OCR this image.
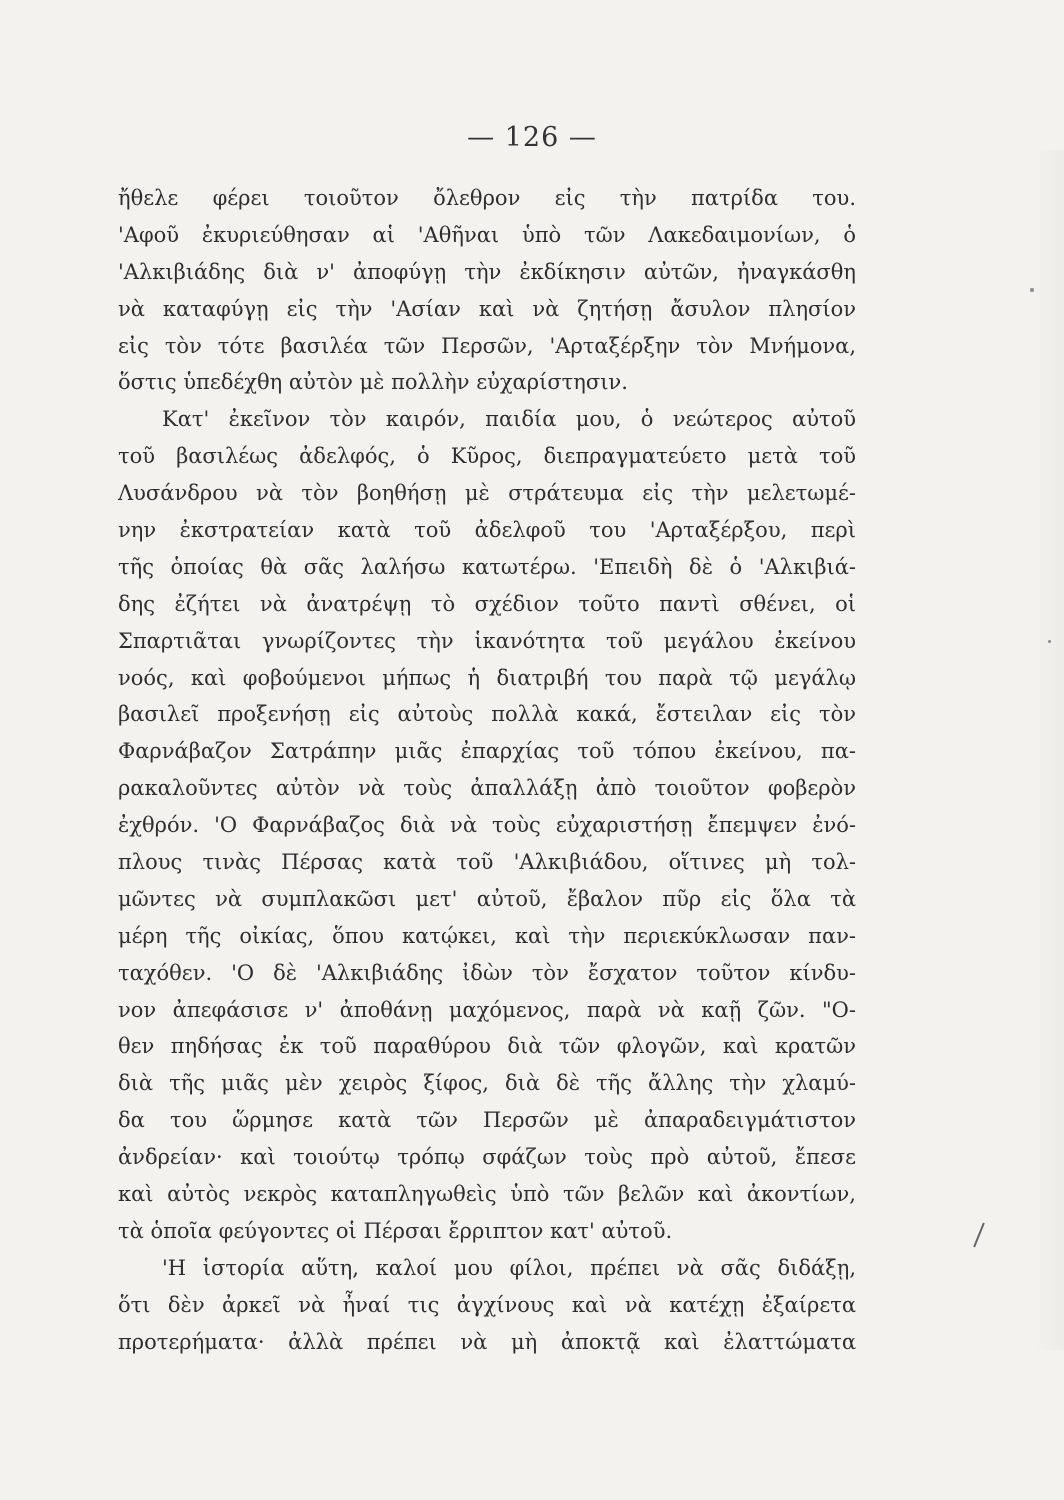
— 126 —
ἤθελε φέρει τοιοῦτον ὄλεθρον εἰς τὴν πατρίδα του.
'Αφοῦ ἐκυριεύθησαν αἱ 'Αθῆναι ὑπὸ τῶν Λακεδαιμονίων, ὁ
'Αλκιβιάδης διὰ ν' ἀποφύγῃ τὴν ἐκδίκησιν αὐτῶν, ἠναγκάσθη
νὰ καταφύγῃ εἰς τὴν 'Ασίαν καὶ νὰ ζητήσῃ ἄσυλον πλησίον
εἰς τὸν τότε βασιλέα τῶν Περσῶν, 'Αρταξέρξην τὸν Μνήμονα,
ὅστις ὑπεδέχθη αὐτὸν μὲ πολλὴν εὐχαρίστησιν.
Κατ' ἐκεῖνον τὸν καιρόν, παιδία μου, ὁ νεώτερος αὐτοῦ
τοῦ βασιλέως ἀδελφός, ὁ Κῦρος, διεπραγματεύετο μετὰ τοῦ
Λυσάνδρου νὰ τὸν βοηθήσῃ μὲ στράτευμα εἰς τὴν μελετωμέ-
νην ἐκστρατείαν κατὰ τοῦ ἀδελφοῦ του 'Αρταξέρξου, περὶ
τῆς ὁποίας θὰ σᾶς λαλήσω κατωτέρω. 'Επειδὴ δὲ ὁ 'Αλκιβιά-
δης ἐζήτει νὰ ἀνατρέψῃ τὸ σχέδιον τοῦτο παντὶ σθένει, οἱ
Σπαρτιᾶται γνωρίζοντες τὴν ἱκανότητα τοῦ μεγάλου ἐκείνου
νοός, καὶ φοβούμενοι μήπως ἡ διατριβή του παρὰ τῷ μεγάλῳ
βασιλεῖ προξενήσῃ εἰς αὐτοὺς πολλὰ κακά, ἔστειλαν εἰς τὸν
Φαρνάβαζον Σατράπην μιᾶς ἐπαρχίας τοῦ τόπου ἐκείνου, πα-
ρακαλοῦντες αὐτὸν νὰ τοὺς ἀπαλλάξῃ ἀπὸ τοιοῦτον φοβερὸν
ἐχθρόν. 'Ο Φαρνάβαζος διὰ νὰ τοὺς εὐχαριστήσῃ ἔπεμψεν ἐνό-
πλους τινὰς Πέρσας κατὰ τοῦ 'Αλκιβιάδου, οἵτινες μὴ τολ-
μῶντες νὰ συμπλακῶσι μετ' αὐτοῦ, ἔβαλον πῦρ εἰς ὅλα τὰ
μέρη τῆς οἰκίας, ὅπου κατῴκει, καὶ τὴν περιεκύκλωσαν παν-
ταχόθεν. 'Ο δὲ 'Αλκιβιάδης ἰδὼν τὸν ἔσχατον τοῦτον κίνδυ-
νον ἀπεφάσισε ν' ἀποθάνῃ μαχόμενος, παρὰ νὰ καῇ ζῶν. "Ο-
θεν πηδήσας ἐκ τοῦ παραθύρου διὰ τῶν φλογῶν, καὶ κρατῶν
διὰ τῆς μιᾶς μὲν χειρὸς ξίφος, διὰ δὲ τῆς ἄλλης τὴν χλαμύ-
δα του ὥρμησε κατὰ τῶν Περσῶν μὲ ἀπαραδειγμάτιστον
ἀνδρείαν· καὶ τοιούτῳ τρόπῳ σφάζων τοὺς πρὸ αὐτοῦ, ἔπεσε
καὶ αὐτὸς νεκρὸς καταπληγωθεὶς ὑπὸ τῶν βελῶν καὶ ἀκοντίων,
τὰ ὁποῖα φεύγοντες οἱ Πέρσαι ἔρριπτον κατ' αὐτοῦ.
'Η ἱστορία αὕτη, καλοί μου φίλοι, πρέπει νὰ σᾶς διδάξῃ,
ὅτι δὲν ἀρκεῖ νὰ ἦναί τις ἀγχίνους καὶ νὰ κατέχῃ ἐξαίρετα
προτερήματα· ἀλλὰ πρέπει νὰ μὴ ἀποκτᾷ καὶ ἐλαττώματα
